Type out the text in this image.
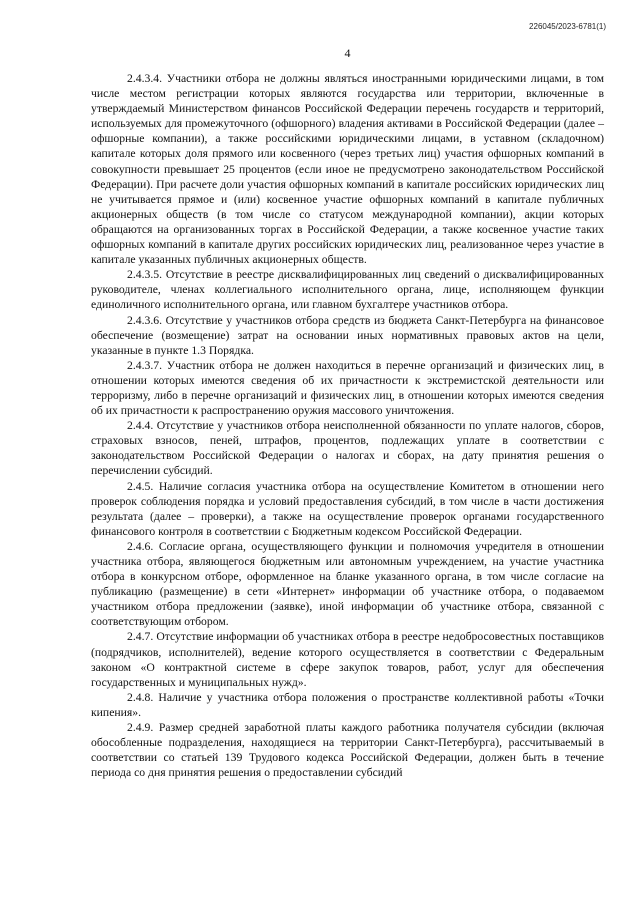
226045/2023-6781(1)
4

2.4.3.4. Участники отбора не должны являться иностранными юридическими лицами, в том числе местом регистрации которых являются государства или территории, включенные в утверждаемый Министерством финансов Российской Федерации перечень государств и территорий, используемых для промежуточного (офшорного) владения активами в Российской Федерации (далее – офшорные компании), а также российскими юридическими лицами, в уставном (складочном) капитале которых доля прямого или косвенного (через третьих лиц) участия офшорных компаний в совокупности превышает 25 процентов (если иное не предусмотрено законодательством Российской Федерации). При расчете доли участия офшорных компаний в капитале российских юридических лиц не учитывается прямое и (или) косвенное участие офшорных компаний в капитале публичных акционерных обществ (в том числе со статусом международной компании), акции которых обращаются на организованных торгах в Российской Федерации, а также косвенное участие таких офшорных компаний в капитале других российских юридических лиц, реализованное через участие в капитале указанных публичных акционерных обществ.

2.4.3.5. Отсутствие в реестре дисквалифицированных лиц сведений о дисквалифицированных руководителе, членах коллегиального исполнительного органа, лице, исполняющем функции единоличного исполнительного органа, или главном бухгалтере участников отбора.

2.4.3.6. Отсутствие у участников отбора средств из бюджета Санкт-Петербурга на финансовое обеспечение (возмещение) затрат на основании иных нормативных правовых актов на цели, указанные в пункте 1.3 Порядка.

2.4.3.7. Участник отбора не должен находиться в перечне организаций и физических лиц, в отношении которых имеются сведения об их причастности к экстремистской деятельности или терроризму, либо в перечне организаций и физических лиц, в отношении которых имеются сведения об их причастности к распространению оружия массового уничтожения.

2.4.4. Отсутствие у участников отбора неисполненной обязанности по уплате налогов, сборов, страховых взносов, пеней, штрафов, процентов, подлежащих уплате в соответствии с законодательством Российской Федерации о налогах и сборах, на дату принятия решения о перечислении субсидий.

2.4.5. Наличие согласия участника отбора на осуществление Комитетом в отношении него проверок соблюдения порядка и условий предоставления субсидий, в том числе в части достижения результата (далее – проверки), а также на осуществление проверок органами государственного финансового контроля в соответствии с Бюджетным кодексом Российской Федерации.

2.4.6. Согласие органа, осуществляющего функции и полномочия учредителя в отношении участника отбора, являющегося бюджетным или автономным учреждением, на участие участника отбора в конкурсном отборе, оформленное на бланке указанного органа, в том числе согласие на публикацию (размещение) в сети «Интернет» информации об участнике отбора, о подаваемом участником отбора предложении (заявке), иной информации об участнике отбора, связанной с соответствующим отбором.

2.4.7. Отсутствие информации об участниках отбора в реестре недобросовестных поставщиков (подрядчиков, исполнителей), ведение которого осуществляется в соответствии с Федеральным законом «О контрактной системе в сфере закупок товаров, работ, услуг для обеспечения государственных и муниципальных нужд».

2.4.8. Наличие у участника отбора положения о пространстве коллективной работы «Точки кипения».

2.4.9. Размер средней заработной платы каждого работника получателя субсидии (включая обособленные подразделения, находящиеся на территории Санкт-Петербурга), рассчитываемый в соответствии со статьей 139 Трудового кодекса Российской Федерации, должен быть в течение периода со дня принятия решения о предоставлении субсидий
